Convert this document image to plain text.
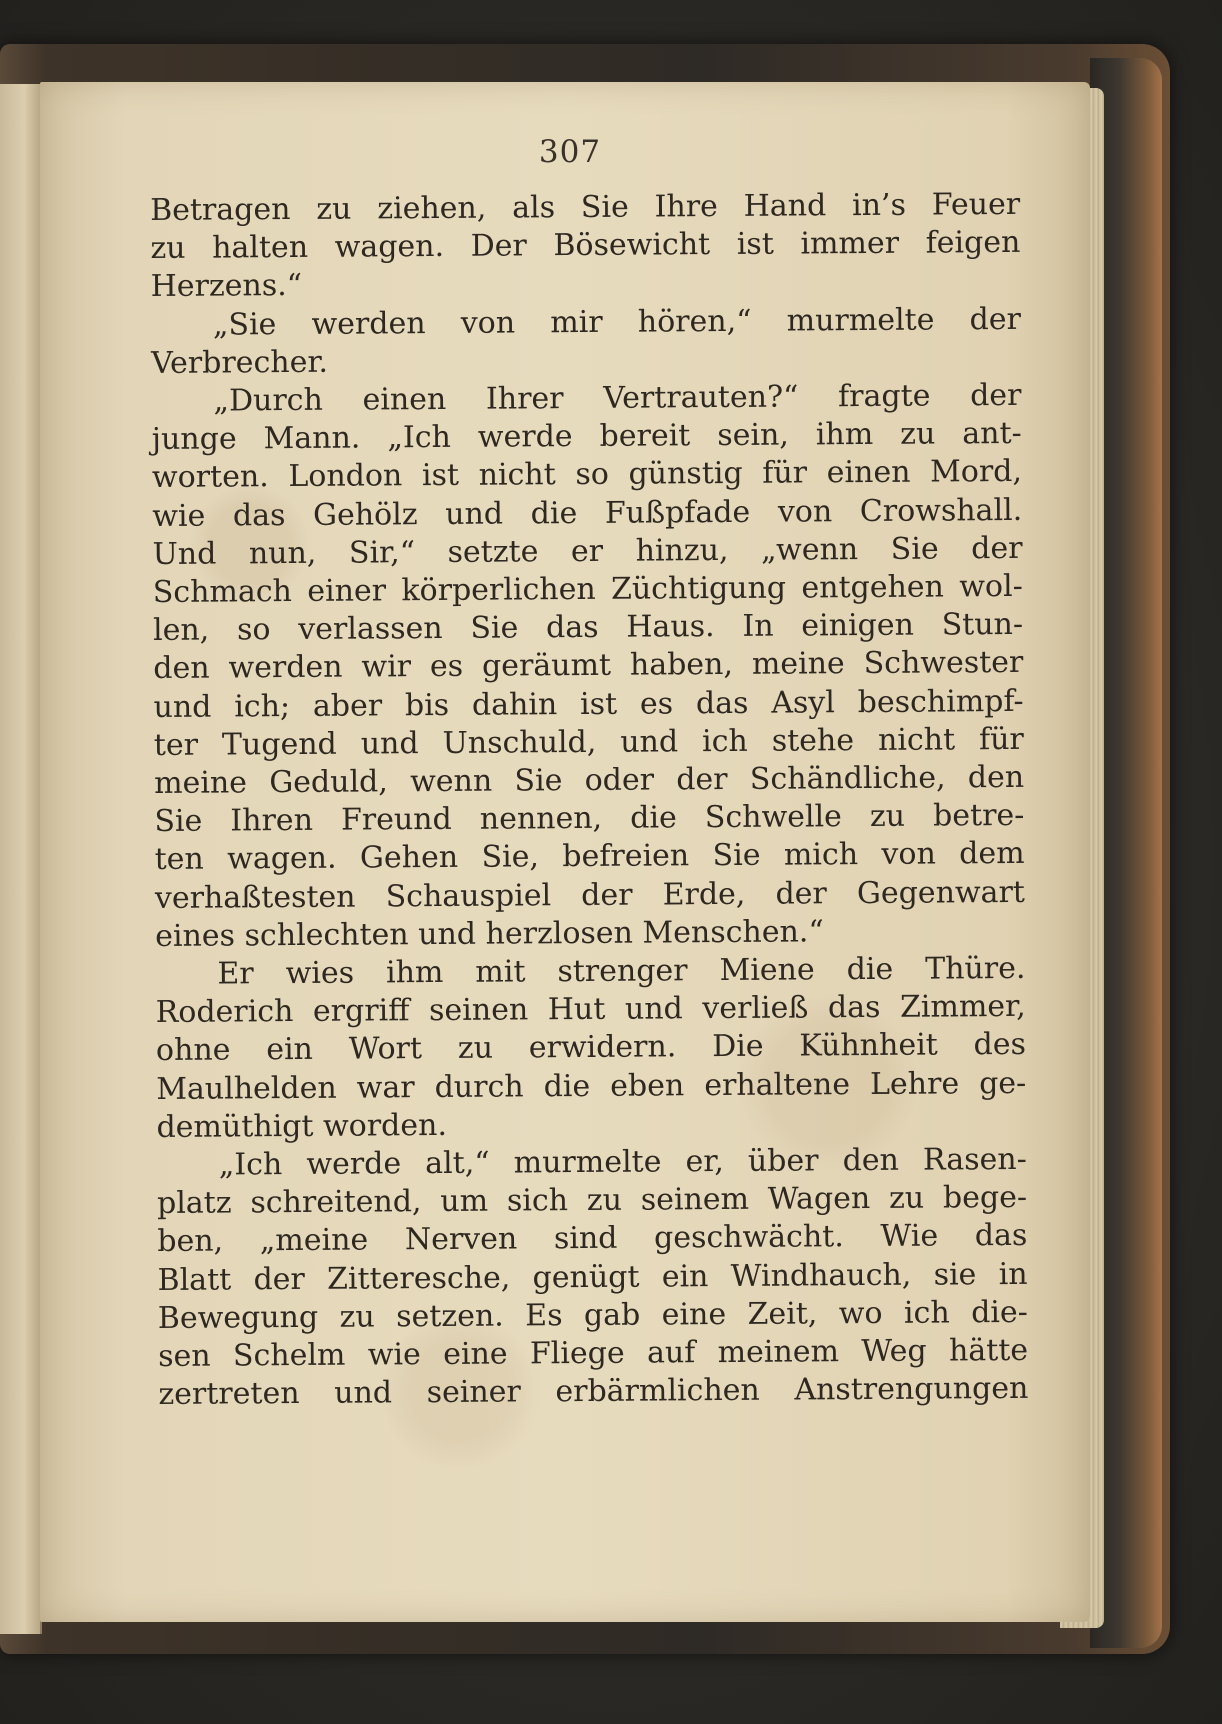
307
Betragen zu ziehen, als Sie Ihre Hand in’s Feuer
zu halten wagen. Der Bösewicht ist immer feigen
Herzens.“
„Sie werden von mir hören,“ murmelte der
Verbrecher.
„Durch einen Ihrer Vertrauten?“ fragte der
junge Mann. „Ich werde bereit sein, ihm zu ant-
worten. London ist nicht so günstig für einen Mord,
wie das Gehölz und die Fußpfade von Crowshall.
Und nun, Sir,“ setzte er hinzu, „wenn Sie der
Schmach einer körperlichen Züchtigung entgehen wol-
len, so verlassen Sie das Haus. In einigen Stun-
den werden wir es geräumt haben, meine Schwester
und ich; aber bis dahin ist es das Asyl beschimpf-
ter Tugend und Unschuld, und ich stehe nicht für
meine Geduld, wenn Sie oder der Schändliche, den
Sie Ihren Freund nennen, die Schwelle zu betre-
ten wagen. Gehen Sie, befreien Sie mich von dem
verhaßtesten Schauspiel der Erde, der Gegenwart
eines schlechten und herzlosen Menschen.“
Er wies ihm mit strenger Miene die Thüre.
Roderich ergriff seinen Hut und verließ das Zimmer,
ohne ein Wort zu erwidern. Die Kühnheit des
Maulhelden war durch die eben erhaltene Lehre ge-
demüthigt worden.
„Ich werde alt,“ murmelte er, über den Rasen-
platz schreitend, um sich zu seinem Wagen zu bege-
ben, „meine Nerven sind geschwächt. Wie das
Blatt der Zitteresche, genügt ein Windhauch, sie in
Bewegung zu setzen. Es gab eine Zeit, wo ich die-
sen Schelm wie eine Fliege auf meinem Weg hätte
zertreten und seiner erbärmlichen Anstrengungen
